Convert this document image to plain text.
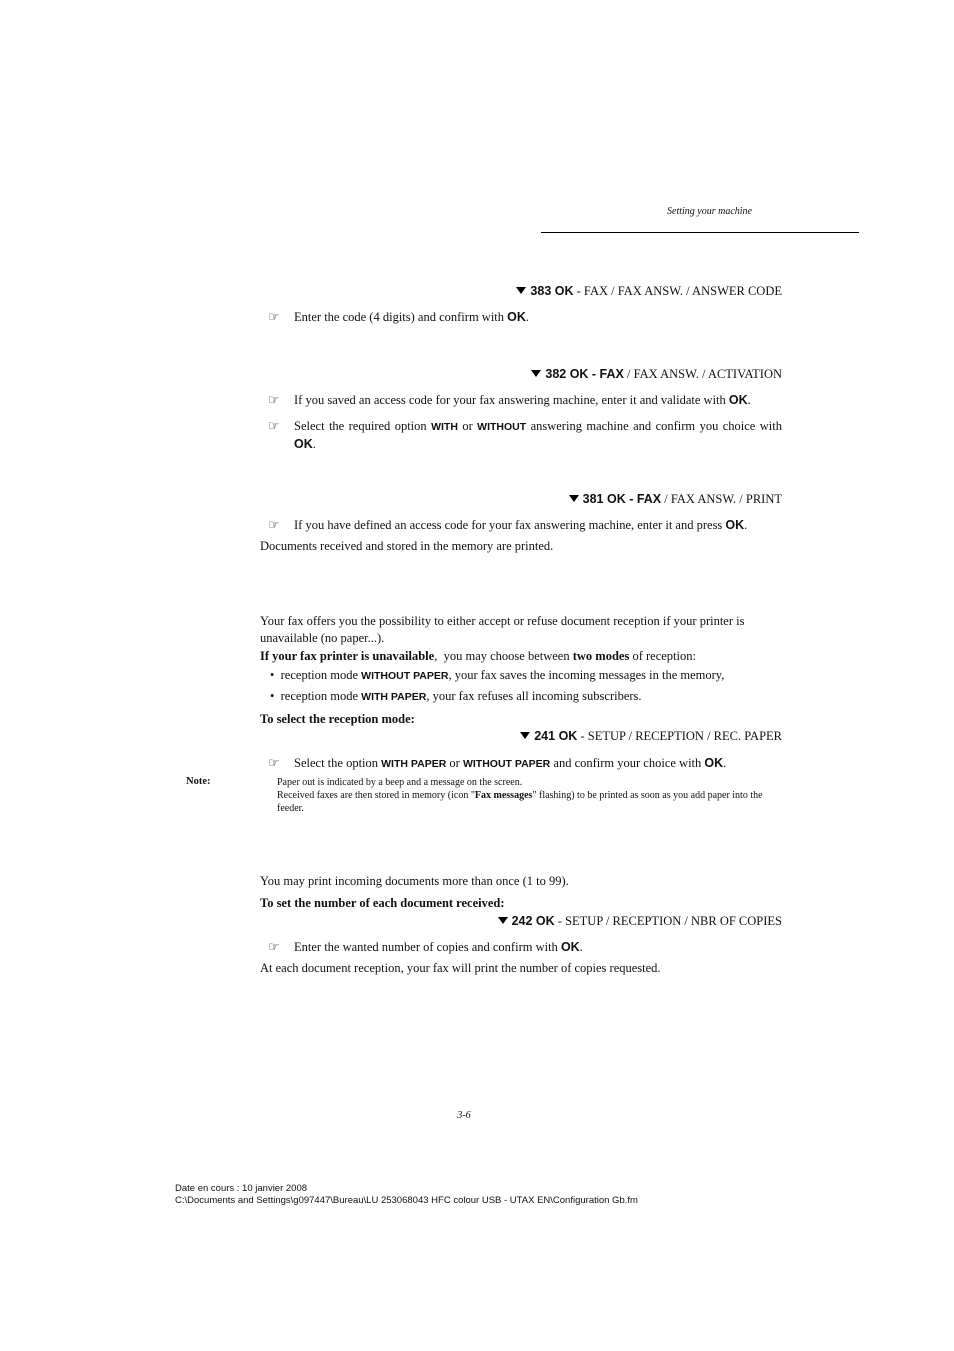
Setting your machine
383 OK - FAX / FAX ANSW. / ANSWER CODE
☞ Enter the code (4 digits) and confirm with OK.
382 OK - FAX / FAX ANSW. / ACTIVATION
☞ If you saved an access code for your fax answering machine, enter it and validate with OK.
☞ Select the required option WITH or WITHOUT answering machine and confirm you choice with OK.
381 OK - FAX / FAX ANSW. / PRINT
☞ If you have defined an access code for your fax answering machine, enter it and press OK.
Documents received and stored in the memory are printed.
Your fax offers you the possibility to either accept or refuse document reception if your printer is unavailable (no paper...).
If your fax printer is unavailable,  you may choose between two modes of reception:
• reception mode WITHOUT PAPER, your fax saves the incoming messages in the memory,
• reception mode WITH PAPER, your fax refuses all incoming subscribers.
To select the reception mode:
241 OK - SETUP / RECEPTION / REC. PAPER
☞ Select the option WITH PAPER or WITHOUT PAPER and confirm your choice with OK.
Note:	Paper out is indicated by a beep and a message on the screen.
Received faxes are then stored in memory (icon "Fax messages" flashing) to be printed as soon as you add paper into the feeder.
You may print incoming documents more than once (1 to 99).
To set the number of each document received:
242 OK - SETUP / RECEPTION / NBR OF COPIES
☞ Enter the wanted number of copies and confirm with OK.
At each document reception, your fax will print the number of copies requested.
3-6
Date en cours : 10 janvier 2008
C:\Documents and Settings\g097447\Bureau\LU 253068043 HFC colour USB - UTAX EN\Configuration Gb.fm
